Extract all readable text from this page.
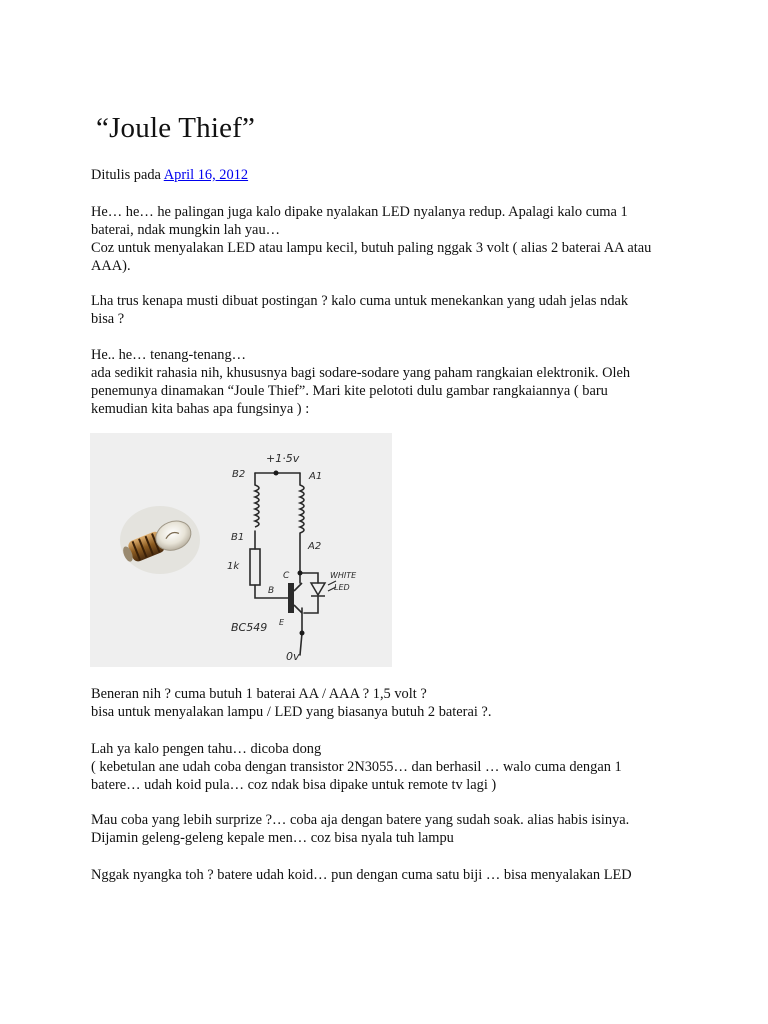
“Joule Thief”

Ditulis pada April 16, 2012

He… he… he palingan juga kalo dipake nyalakan LED nyalanya redup. Apalagi kalo cuma 1
baterai, ndak mungkin lah yau…
Coz untuk menyalakan LED atau lampu kecil, butuh paling nggak 3 volt ( alias 2 baterai AA atau
AAA).

Lha trus kenapa musti dibuat postingan ? kalo cuma untuk menekankan yang udah jelas ndak
bisa ?

He.. he… tenang-tenang…
ada sedikit rahasia nih, khususnya bagi sodare-sodare yang paham rangkaian elektronik. Oleh
penemunya dinamakan “Joule Thief”. Mari kite pelototi dulu gambar rangkaiannya ( baru
kemudian kita bahas apa fungsinya ) :

+1·5v
B2	A1
B1
A2
1k
C
B
E
WHITE
LED
BC549
0v

Beneran nih ? cuma butuh 1 baterai AA / AAA ? 1,5 volt ?
bisa untuk menyalakan lampu / LED yang biasanya butuh 2 baterai ?.

Lah ya kalo pengen tahu… dicoba dong
( kebetulan ane udah coba dengan transistor 2N3055… dan berhasil … walo cuma dengan 1
batere… udah koid pula… coz ndak bisa dipake untuk remote tv lagi )

Mau coba yang lebih surprize ?… coba aja dengan batere yang sudah soak. alias habis isinya.
Dijamin geleng-geleng kepale men… coz bisa nyala tuh lampu

Nggak nyangka toh ? batere udah koid… pun dengan cuma satu biji … bisa menyalakan LED
